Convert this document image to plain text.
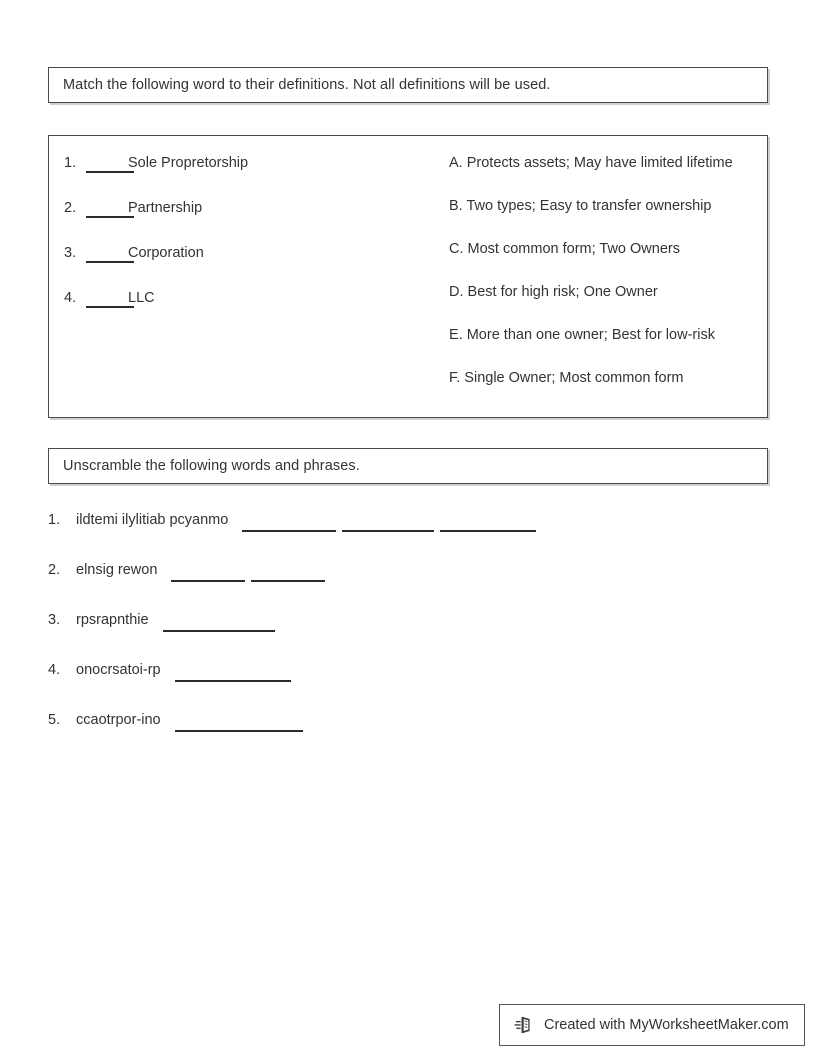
Match the following word to their definitions. Not all definitions will be used.
1.	Sole Propretorship
2.	Partnership
3.	Corporation
4.	LLC
A. Protects assets; May have limited lifetime
B. Two types; Easy to transfer ownership
C. Most common form; Two Owners
D. Best for high risk; One Owner
E. More than one owner; Best for low-risk
F. Single Owner; Most common form
Unscramble the following words and phrases.
1.	ildtemi ilylitiab pcyanmo
2.	elnsig rewon
3.	rpsrapnthie
4.	onocrsatoi-rp
5.	ccaotrpor-ino
Created with MyWorksheetMaker.com
